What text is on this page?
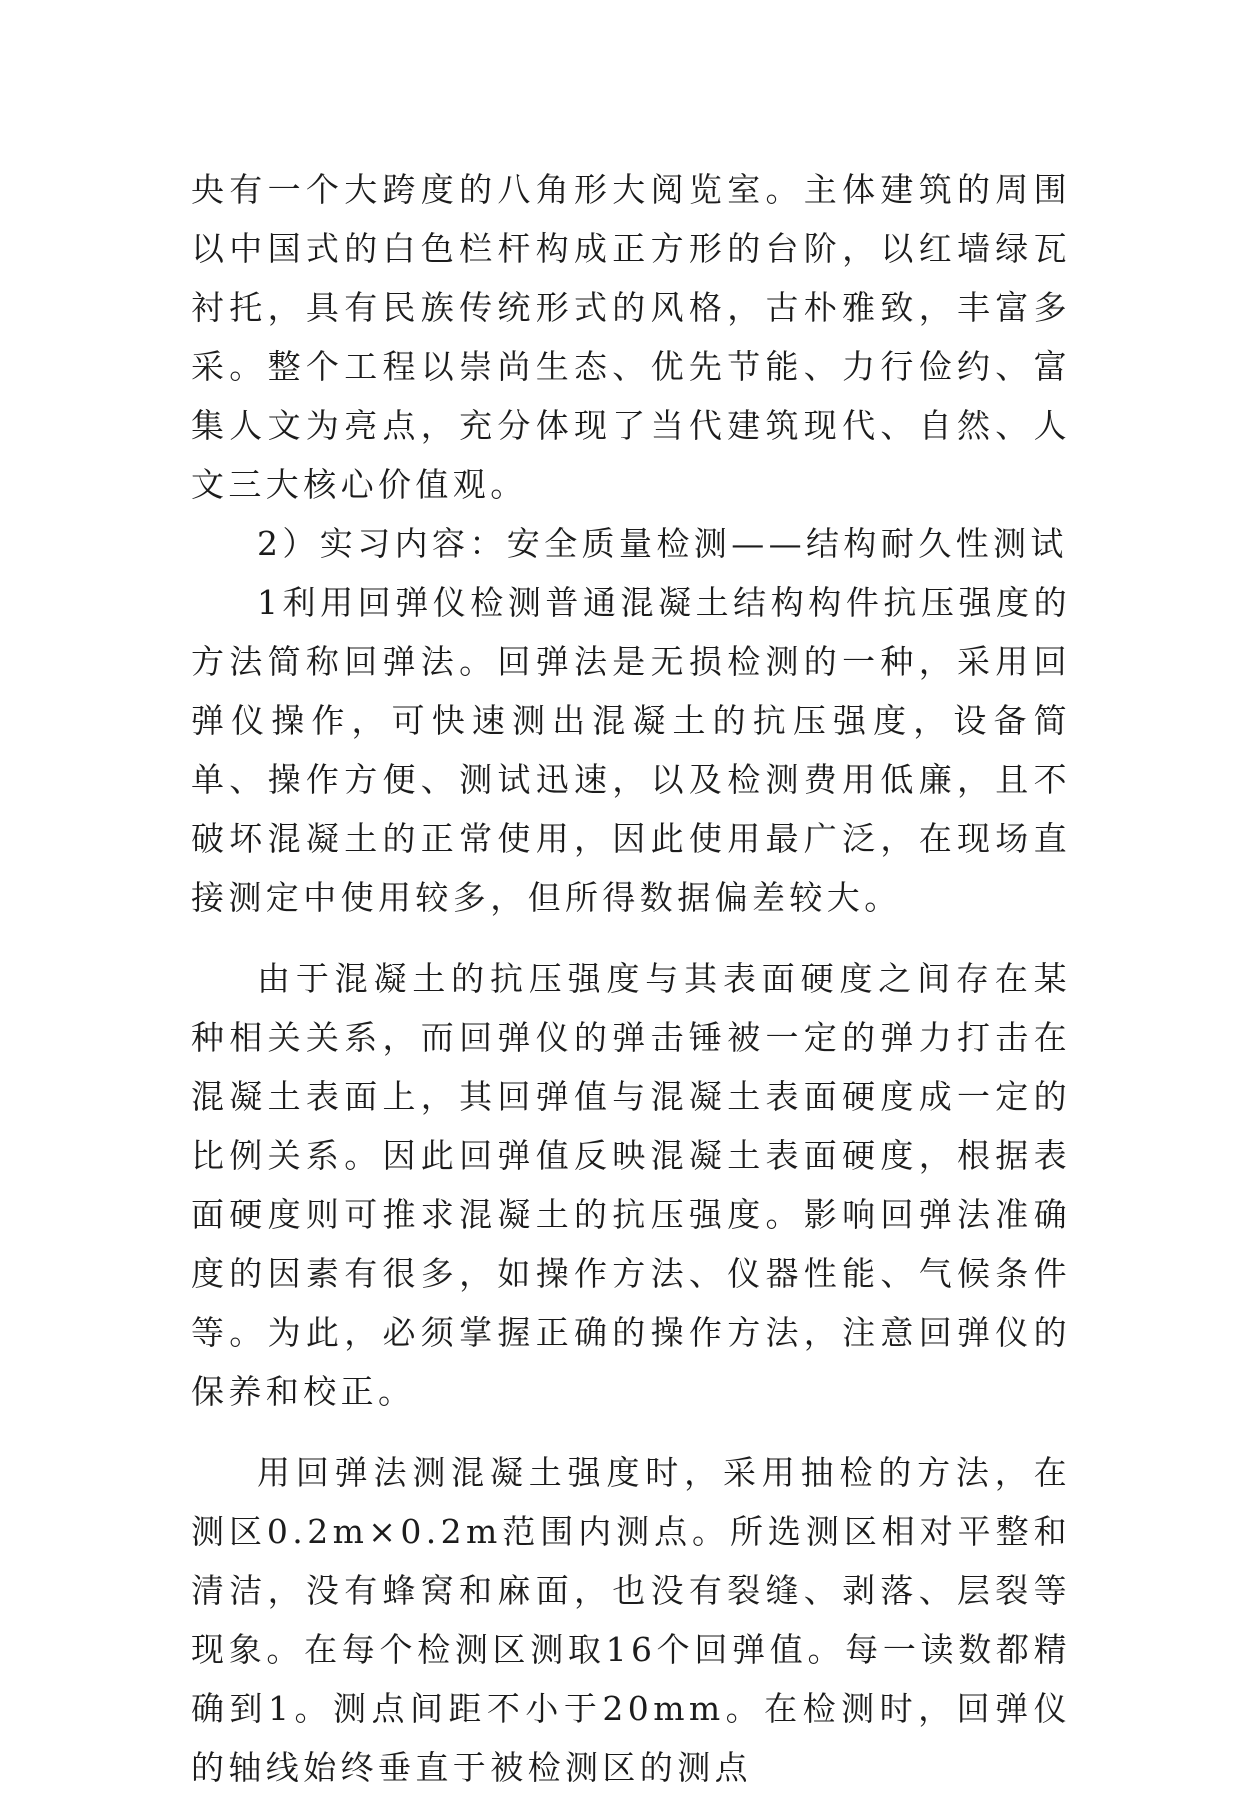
央有一个大跨度的八角形大阅览室。主体建筑的周围以中国式的白色栏杆构成正方形的台阶，以红墙绿瓦衬托，具有民族传统形式的风格，古朴雅致，丰富多采。整个工程以崇尚生态、优先节能、力行俭约、富集人文为亮点，充分体现了当代建筑现代、自然、人文三大核心价值观。

2）实习内容：安全质量检测——结构耐久性测试

1利用回弹仪检测普通混凝土结构构件抗压强度的方法简称回弹法。回弹法是无损检测的一种，采用回弹仪操作，可快速测出混凝土的抗压强度，设备简单、操作方便、测试迅速，以及检测费用低廉，且不破坏混凝土的正常使用，因此使用最广泛，在现场直接测定中使用较多，但所得数据偏差较大。

由于混凝土的抗压强度与其表面硬度之间存在某种相关关系，而回弹仪的弹击锤被一定的弹力打击在混凝土表面上，其回弹值与混凝土表面硬度成一定的比例关系。因此回弹值反映混凝土表面硬度，根据表面硬度则可推求混凝土的抗压强度。影响回弹法准确度的因素有很多，如操作方法、仪器性能、气候条件等。为此，必须掌握正确的操作方法，注意回弹仪的保养和校正。

用回弹法测混凝土强度时，采用抽检的方法，在测区0.2m×0.2m范围内测点。所选测区相对平整和清洁，没有蜂窝和麻面，也没有裂缝、剥落、层裂等现象。在每个检测区测取16个回弹值。每一读数都精确到1。测点间距不小于20mm。在检测时，回弹仪的轴线始终垂直于被检测区的测点
